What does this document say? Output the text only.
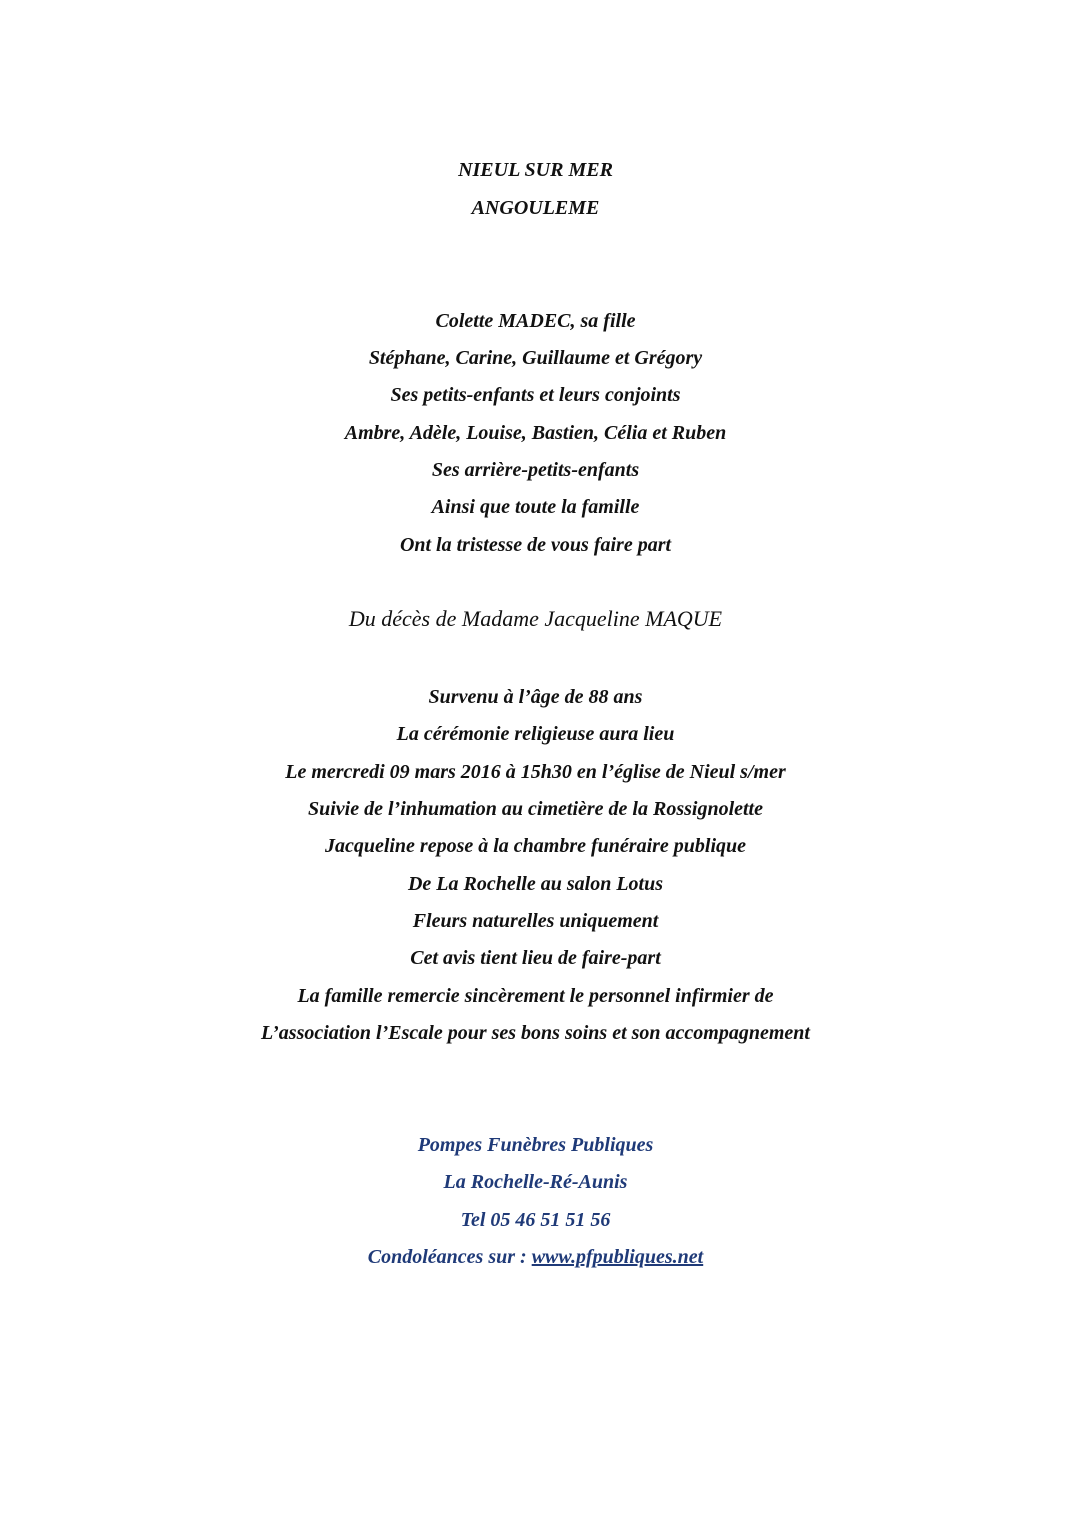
NIEUL SUR MER
ANGOULEME
Colette MADEC, sa fille
Stéphane, Carine, Guillaume et Grégory
Ses petits-enfants et leurs conjoints
Ambre, Adèle, Louise, Bastien, Célia et Ruben
Ses arrière-petits-enfants
Ainsi que toute la famille
Ont la tristesse de vous faire part
Du décès de Madame Jacqueline MAQUE
Survenu à l’âge de 88 ans
La cérémonie religieuse aura lieu
Le mercredi 09 mars 2016 à 15h30 en l’église de Nieul s/mer
Suivie de l’inhumation au cimetière de la Rossignolette
Jacqueline repose à la chambre funéraire publique
De La Rochelle au salon Lotus
Fleurs naturelles uniquement
Cet avis tient lieu de faire-part
La famille remercie sincèrement le personnel infirmier de
L’association l’Escale pour ses bons soins et son accompagnement
Pompes Funèbres Publiques
La Rochelle-Ré-Aunis
Tel 05 46 51 51 56
Condoléances sur : www.pfpubliques.net
